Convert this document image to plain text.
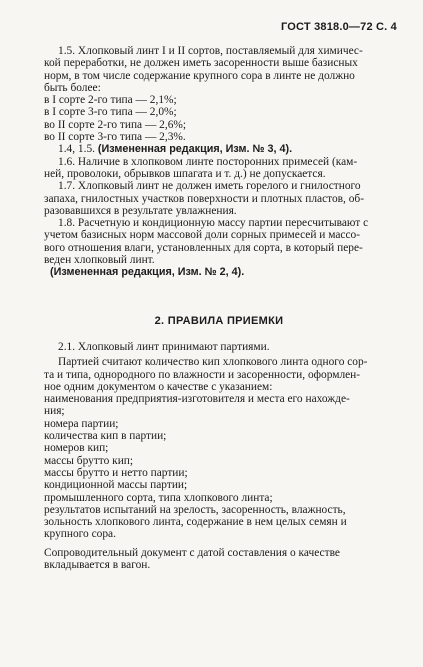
ГОСТ 3818.0—72 С. 4

1.5. Хлопковый линт I и II сортов, поставляемый для химичес-

кой переработки, не должен иметь засоренности выше базисных

норм, в том числе содержание крупного сора в линте не должно

быть более:

в I сорте 2-го типа — 2,1%;

в I сорте 3-го типа — 2,0%;

во II сорте 2-го типа — 2,6%;

во II сорте 3-го типа — 2,3%.

1.4, 1.5. (Измененная редакция, Изм. № 3, 4).

1.6. Наличие в хлопковом линте посторонних примесей (кам-

ней, проволоки, обрывков шпагата и т. д.) не допускается.

1.7. Хлопковый линт не должен иметь горелого и гнилостного

запаха, гнилостных участков поверхности и плотных пластов, об-

разовавшихся в результате увлажнения.

1.8. Расчетную и кондиционную массу партии пересчитывают с

учетом базисных норм массовой доли сорных примесей и массо-

вого отношения влаги, установленных для сорта, в который пере-

веден хлопковый линт.

(Измененная редакция, Изм. № 2, 4).

2. ПРАВИЛА ПРИЕМКИ

2.1. Хлопковый линт принимают партиями.

Партией считают количество кип хлопкового линта одного сор-

та и типа, однородного по влажности и засоренности, оформлен-

ное одним документом о качестве с указанием:

наименования предприятия-изготовителя и места его нахожде-

ния;

номера партии;

количества кип в партии;

номеров кип;

массы брутто кип;

массы брутто и нетто партии;

кондиционной массы партии;

промышленного сорта, типа хлопкового линта;

результатов испытаний на зрелость, засоренность, влажность,

зольность хлопкового линта, содержание в нем целых семян и

крупного сора.

Сопроводительный документ с датой составления о качестве

вкладывается в вагон.
